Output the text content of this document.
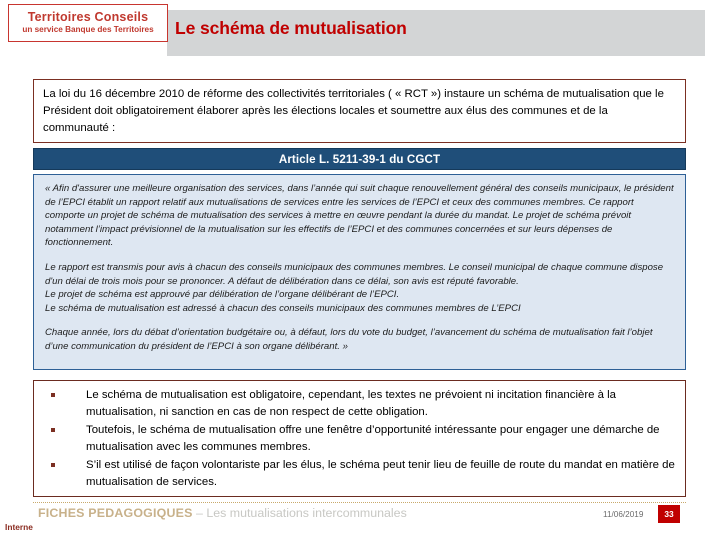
Territoires Conseils
un service Banque des Territoires Le schéma de mutualisation
La loi du 16 décembre 2010 de réforme des collectivités territoriales ( « RCT ») instaure un schéma de mutualisation que le Président doit obligatoirement élaborer après les élections locales et soumettre aux élus des communes et de la communauté :
Article L. 5211-39-1 du CGCT

« Afin d'assurer une meilleure organisation des services, dans l’année qui suit chaque renouvellement général des conseils municipaux, le président de l’EPCI établit un rapport relatif aux mutualisations de services entre les services de l’EPCI et ceux des communes membres. Ce rapport comporte un projet de schéma de mutualisation des services à mettre en œuvre pendant la durée du mandat. Le projet de schéma prévoit notamment l’impact prévisionnel de la mutualisation sur les effectifs de l’EPCI et des communes concernées et sur leurs dépenses de fonctionnement.

Le rapport est transmis pour avis à chacun des conseils municipaux des communes membres. Le conseil municipal de chaque commune dispose d'un délai de trois mois pour se prononcer. A défaut de délibération dans ce délai, son avis est réputé favorable.

Le projet de schéma est approuvé par délibération de l’organe délibérant de l’EPCI.

Le schéma de mutualisation est adressé à chacun des conseils municipaux des communes membres de L’EPCI

Chaque année, lors du débat d’orientation budgétaire ou, à défaut, lors du vote du budget, l’avancement du schéma de mutualisation fait l’objet d’une communication du président de l’EPCI à son organe délibérant. »

Le schéma de mutualisation est obligatoire, cependant, les textes ne prévoient ni incitation financière à la mutualisation, ni sanction en cas de non respect de cette obligation.
Toutefois, le schéma de mutualisation offre une fenêtre d’opportunité intéressante pour engager une démarche de mutualisation avec les communes membres.
S’il est utilisé de façon volontariste par les élus, le schéma peut tenir lieu de feuille de route du mandat en matière de mutualisation de services.
FICHES PEDAGOGIQUES – Les mutualisations intercommunales	11/06/2019	33
Interne
